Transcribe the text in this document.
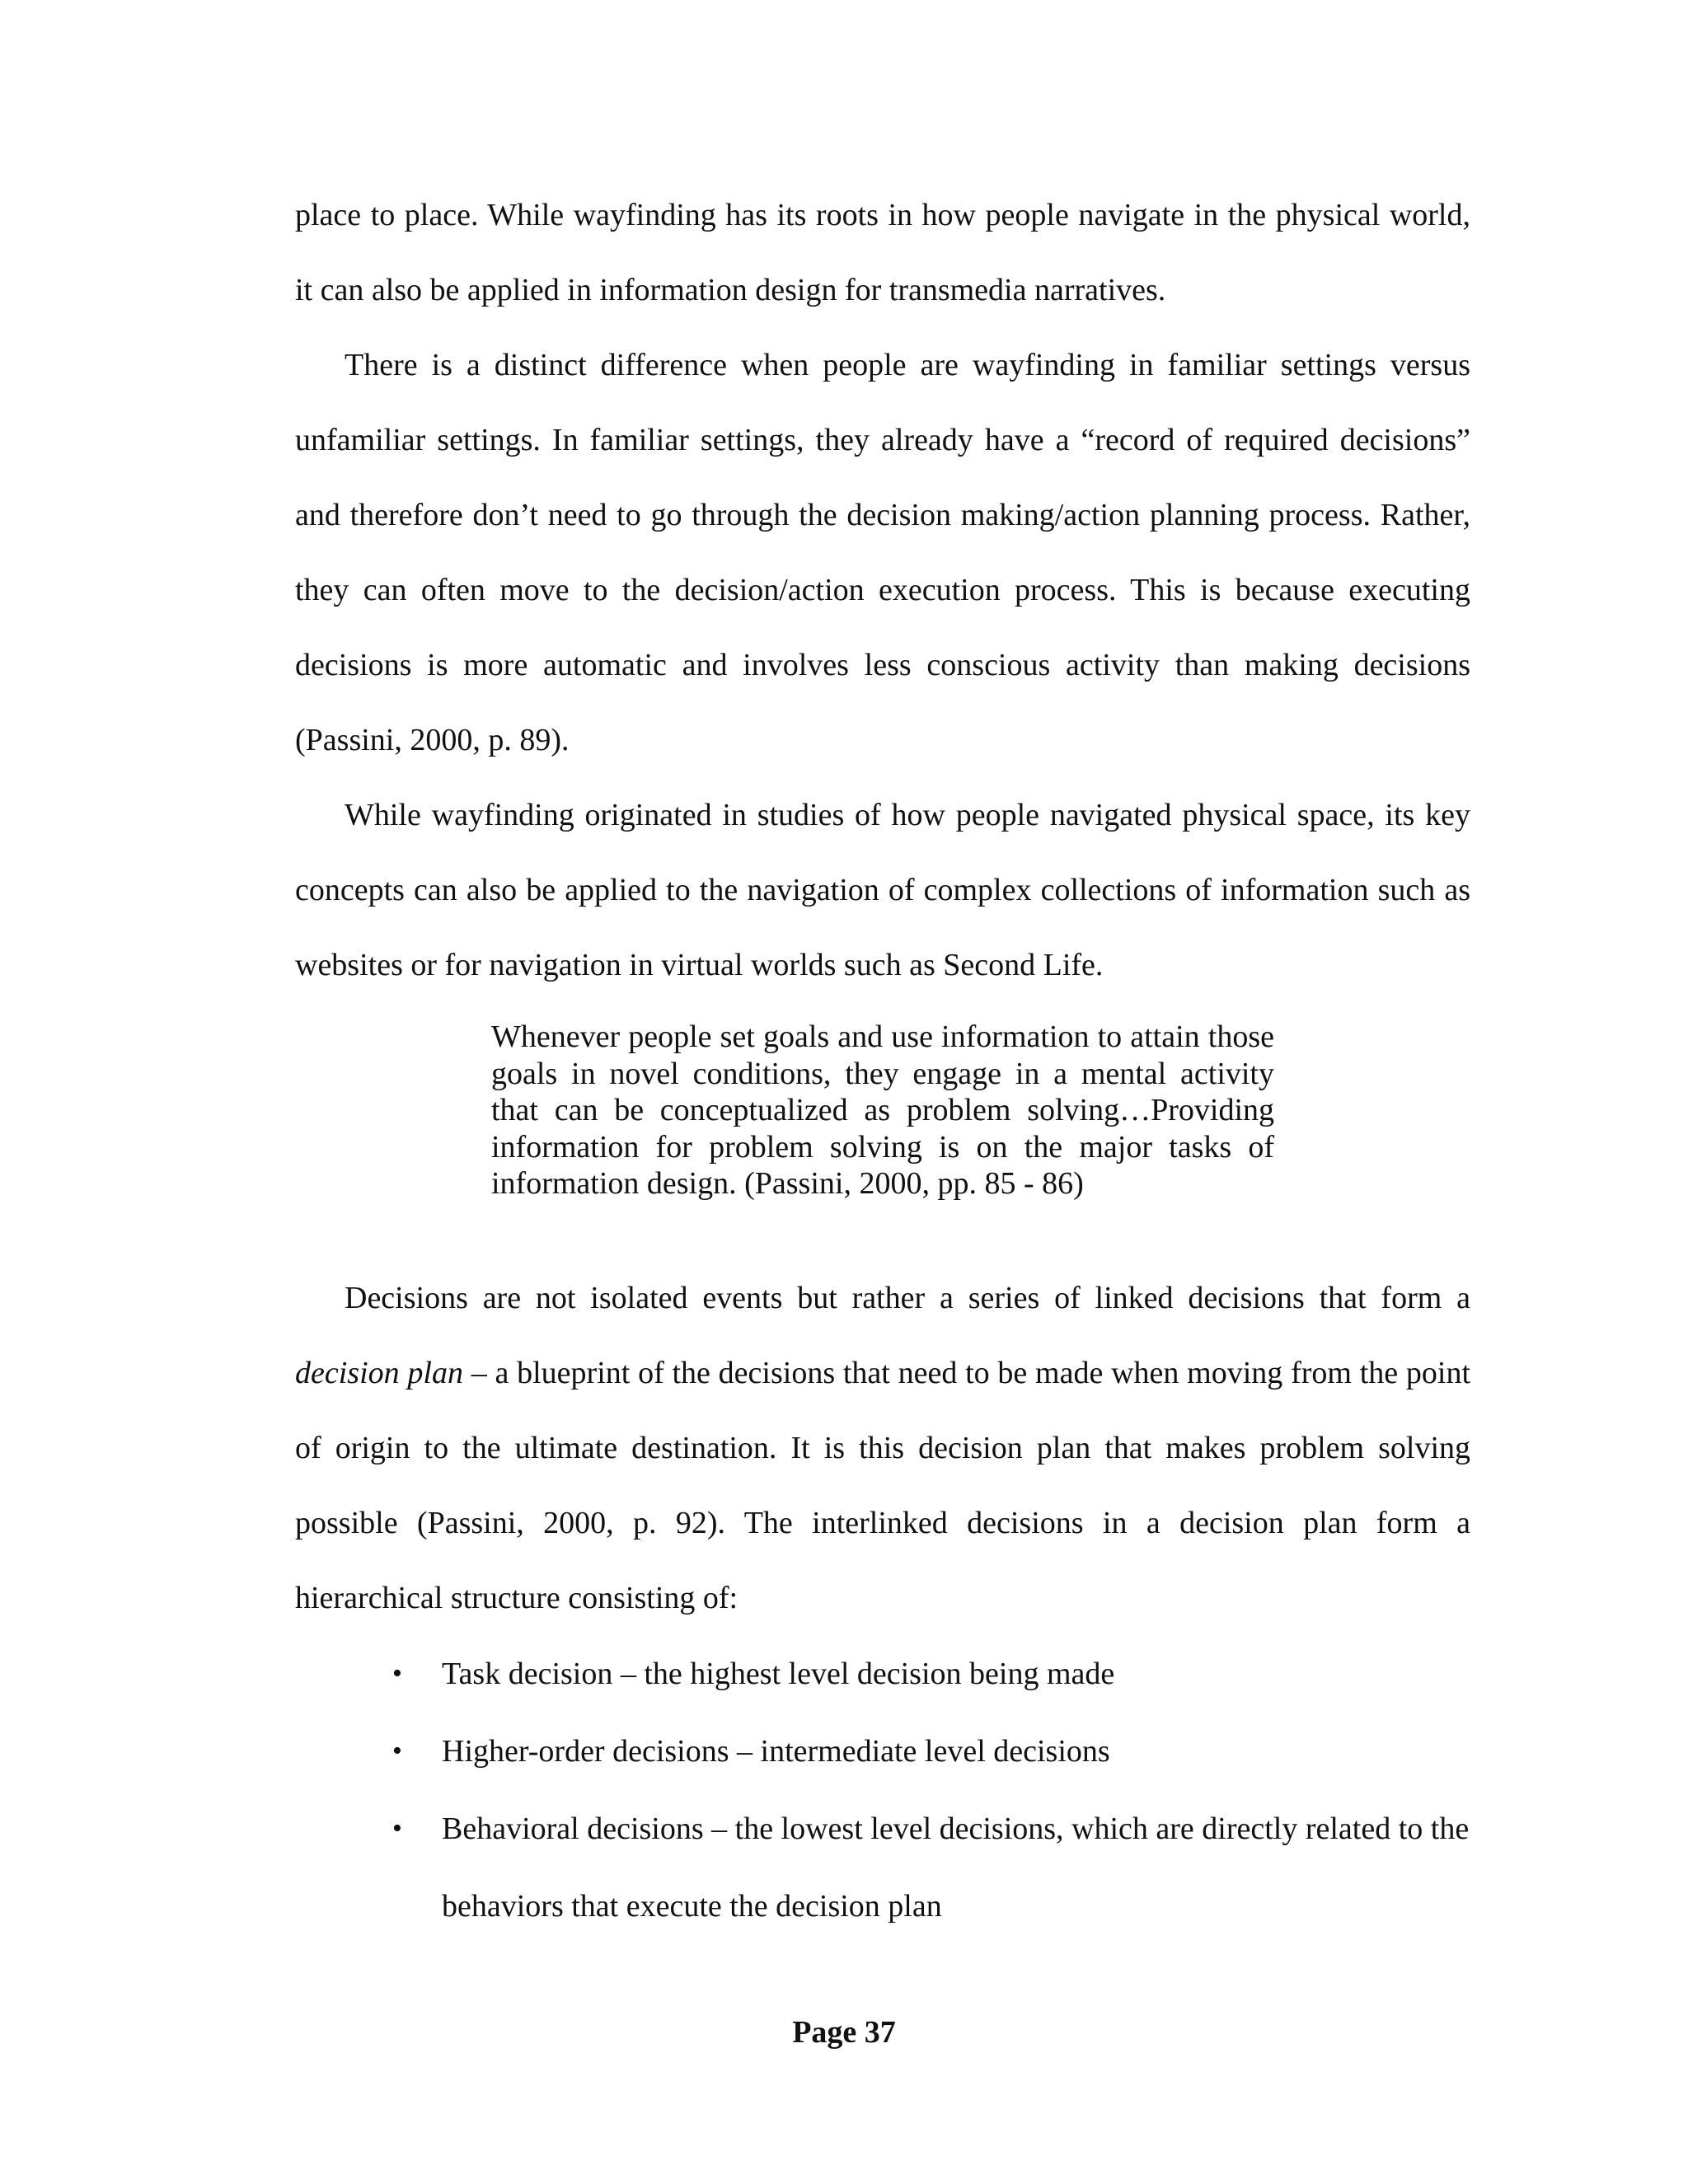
place to place. While wayfinding has its roots in how people navigate in the physical world, it can also be applied in information design for transmedia narratives.

There is a distinct difference when people are wayfinding in familiar settings versus unfamiliar settings. In familiar settings, they already have a “record of required decisions” and therefore don’t need to go through the decision making/action planning process. Rather, they can often move to the decision/action execution process. This is because executing decisions is more automatic and involves less conscious activity than making decisions (Passini, 2000, p. 89).

While wayfinding originated in studies of how people navigated physical space, its key concepts can also be applied to the navigation of complex collections of information such as websites or for navigation in virtual worlds such as Second Life.

Whenever people set goals and use information to attain those goals in novel conditions, they engage in a mental activity that can be conceptualized as problem solving…Providing information for problem solving is on the major tasks of information design. (Passini, 2000, pp. 85 - 86)

Decisions are not isolated events but rather a series of linked decisions that form a decision plan – a blueprint of the decisions that need to be made when moving from the point of origin to the ultimate destination. It is this decision plan that makes problem solving possible (Passini, 2000, p. 92). The interlinked decisions in a decision plan form a hierarchical structure consisting of:

• Task decision – the highest level decision being made
• Higher-order decisions – intermediate level decisions
• Behavioral decisions – the lowest level decisions, which are directly related to the behaviors that execute the decision plan
Page 37
